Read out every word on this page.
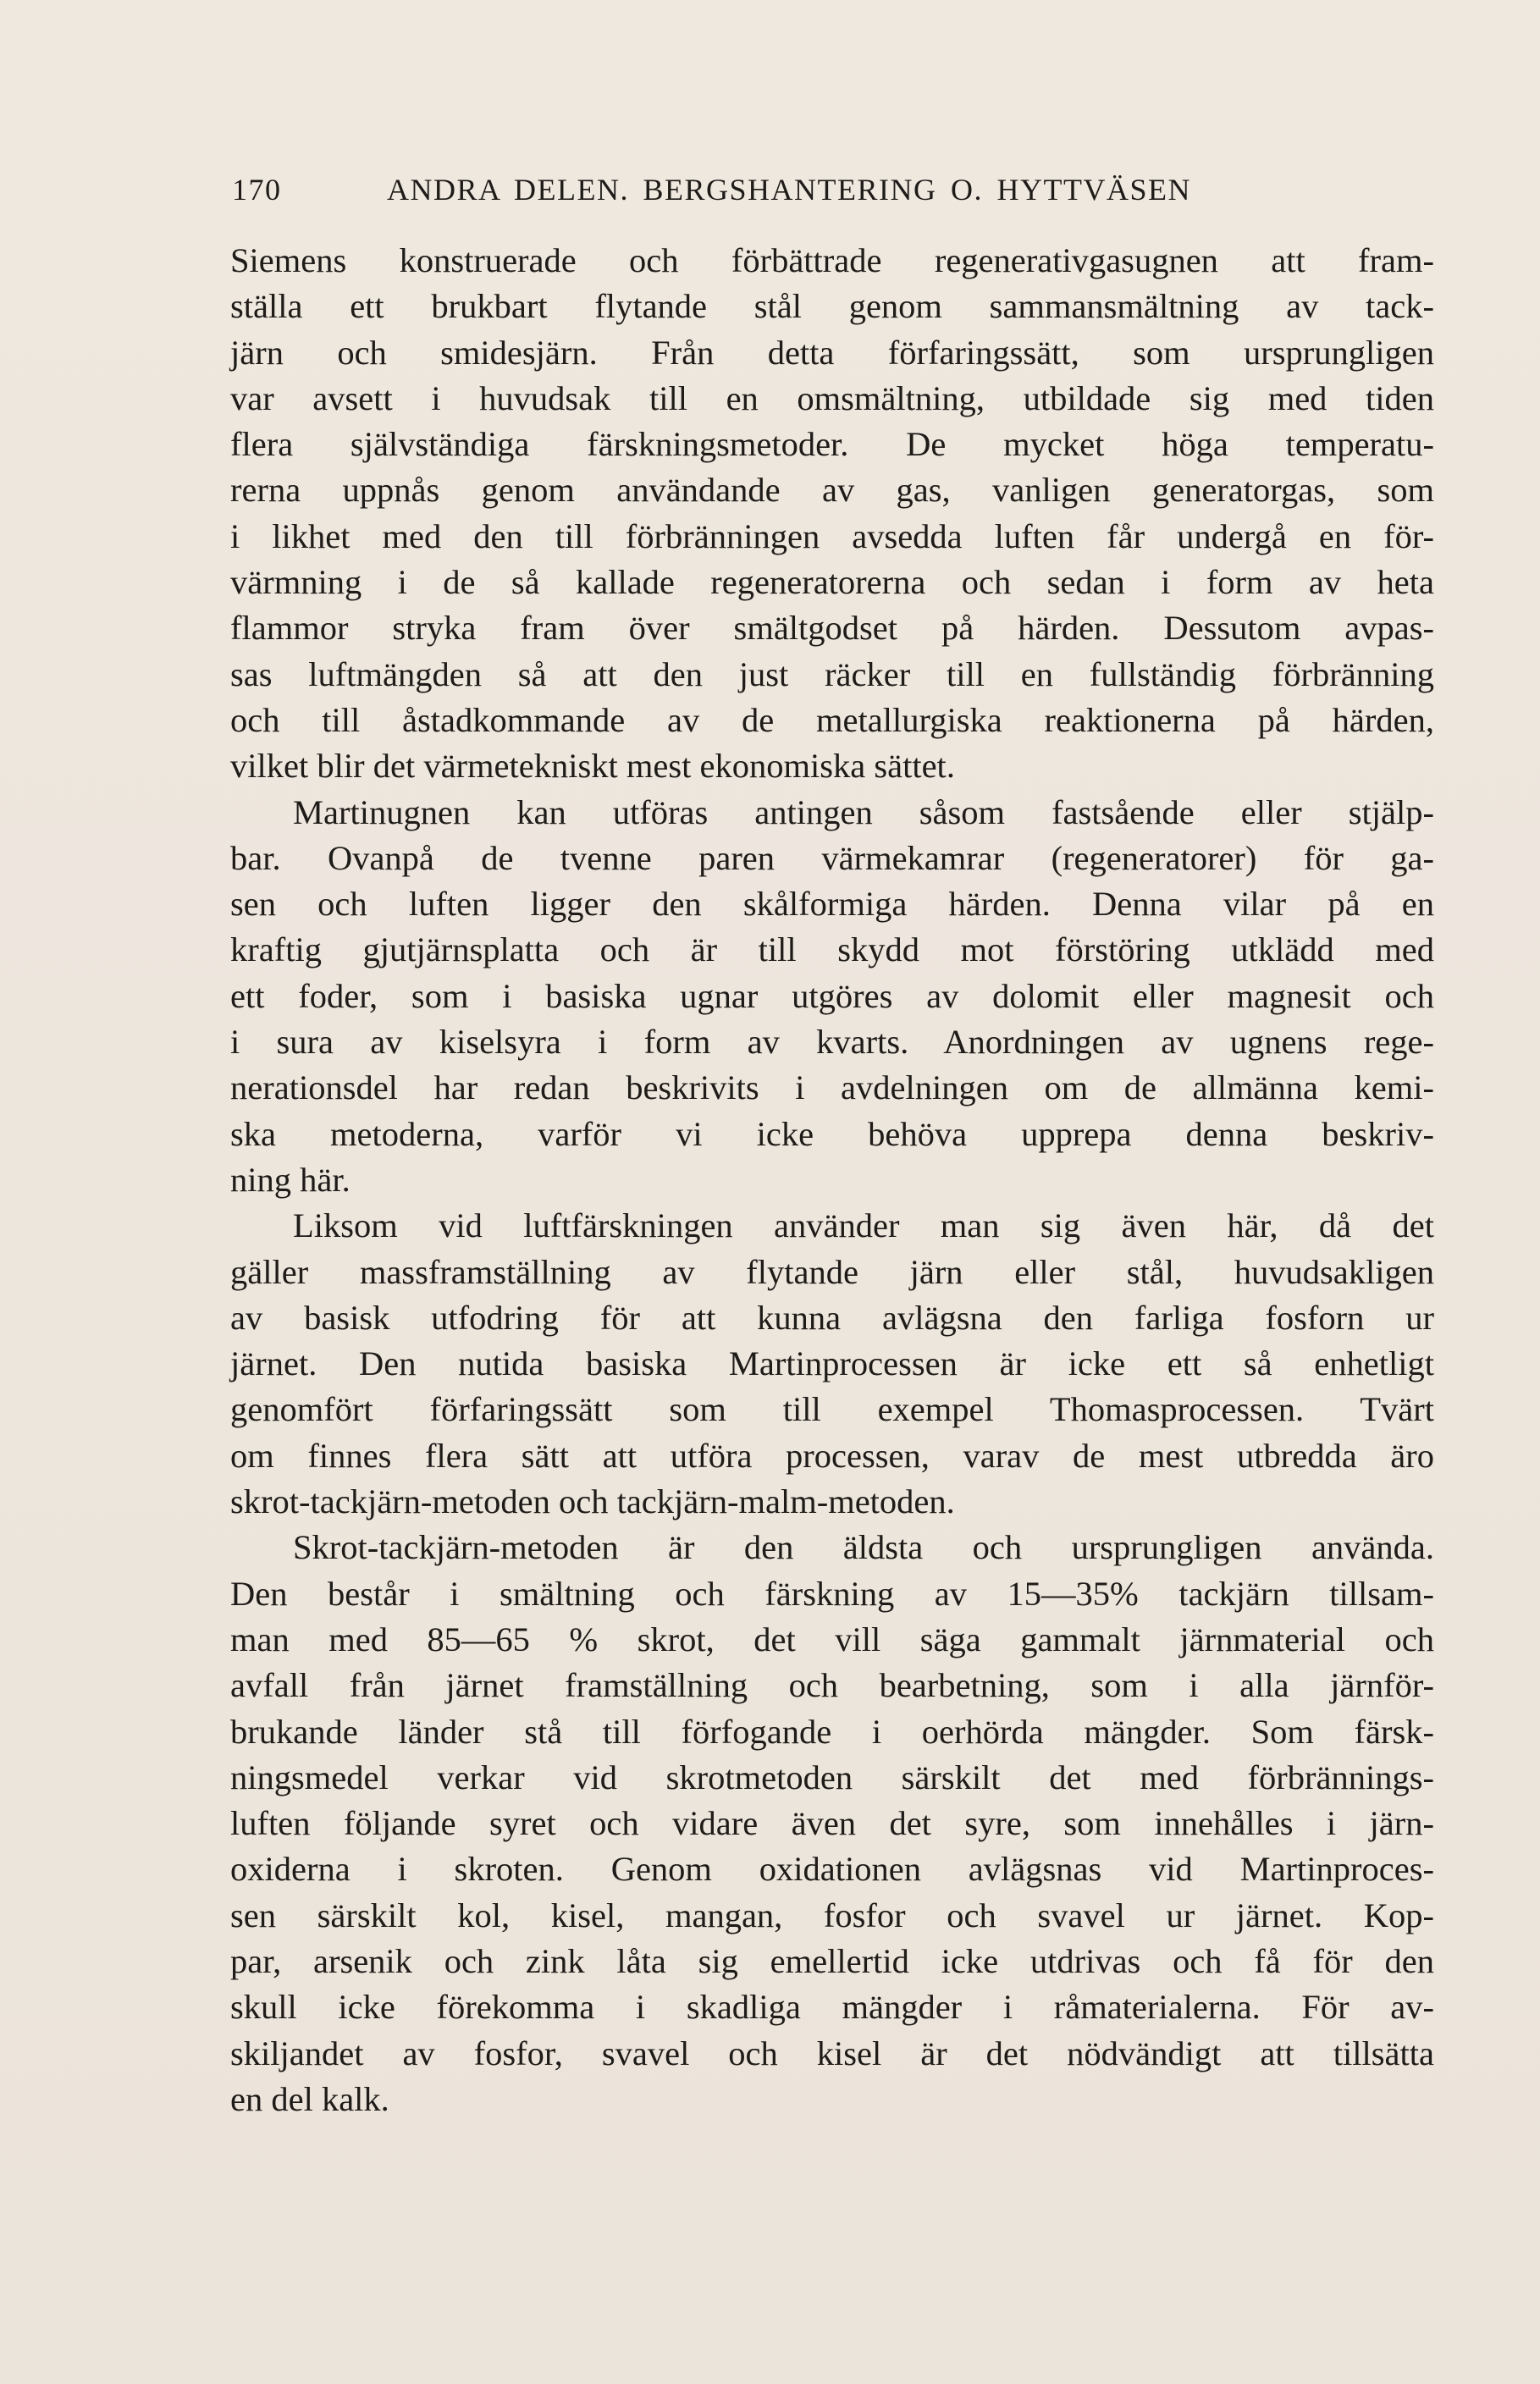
170	ANDRA DELEN. BERGSHANTERING O. HYTTVÄSEN
Siemens konstruerade och förbättrade regenerativgasugnen att fram-
ställa ett brukbart flytande stål genom sammansmältning av tack-
järn och smidesjärn. Från detta förfaringssätt, som ursprungligen
var avsett i huvudsak till en omsmältning, utbildade sig med tiden
flera självständiga färskningsmetoder. De mycket höga temperatu-
rerna uppnås genom användande av gas, vanligen generatorgas, som
i likhet med den till förbränningen avsedda luften får undergå en för-
värmning i de så kallade regeneratorerna och sedan i form av heta
flammor stryka fram över smältgodset på härden. Dessutom avpas-
sas luftmängden så att den just räcker till en fullständig förbränning
och till åstadkommande av de metallurgiska reaktionerna på härden,
vilket blir det värmetekniskt mest ekonomiska sättet.
Martinugnen kan utföras antingen såsom fastsående eller stjälp-
bar. Ovanpå de tvenne paren värmekamrar (regeneratorer) för ga-
sen och luften ligger den skålformiga härden. Denna vilar på en
kraftig gjutjärnsplatta och är till skydd mot förstöring utklädd med
ett foder, som i basiska ugnar utgöres av dolomit eller magnesit och
i sura av kiselsyra i form av kvarts. Anordningen av ugnens rege-
nerationsdel har redan beskrivits i avdelningen om de allmänna kemi-
ska metoderna, varför vi icke behöva upprepa denna beskriv-
ning här.
Liksom vid luftfärskningen använder man sig även här, då det
gäller massframställning av flytande järn eller stål, huvudsakligen
av basisk utfodring för att kunna avlägsna den farliga fosforn ur
järnet. Den nutida basiska Martinprocessen är icke ett så enhetligt
genomfört förfaringssätt som till exempel Thomasprocessen. Tvärt
om finnes flera sätt att utföra processen, varav de mest utbredda äro
skrot-tackjärn-metoden och tackjärn-malm-metoden.
Skrot-tackjärn-metoden är den äldsta och ursprungligen använda.
Den består i smältning och färskning av 15—35% tackjärn tillsam-
man med 85—65 % skrot, det vill säga gammalt järnmaterial och
avfall från järnet framställning och bearbetning, som i alla järnför-
brukande länder stå till förfogande i oerhörda mängder. Som färsk-
ningsmedel verkar vid skrotmetoden särskilt det med förbrännings-
luften följande syret och vidare även det syre, som innehålles i järn-
oxiderna i skroten. Genom oxidationen avlägsnas vid Martinproces-
sen särskilt kol, kisel, mangan, fosfor och svavel ur järnet. Kop-
par, arsenik och zink låta sig emellertid icke utdrivas och få för den
skull icke förekomma i skadliga mängder i råmaterialerna. För av-
skiljandet av fosfor, svavel och kisel är det nödvändigt att tillsätta
en del kalk.
